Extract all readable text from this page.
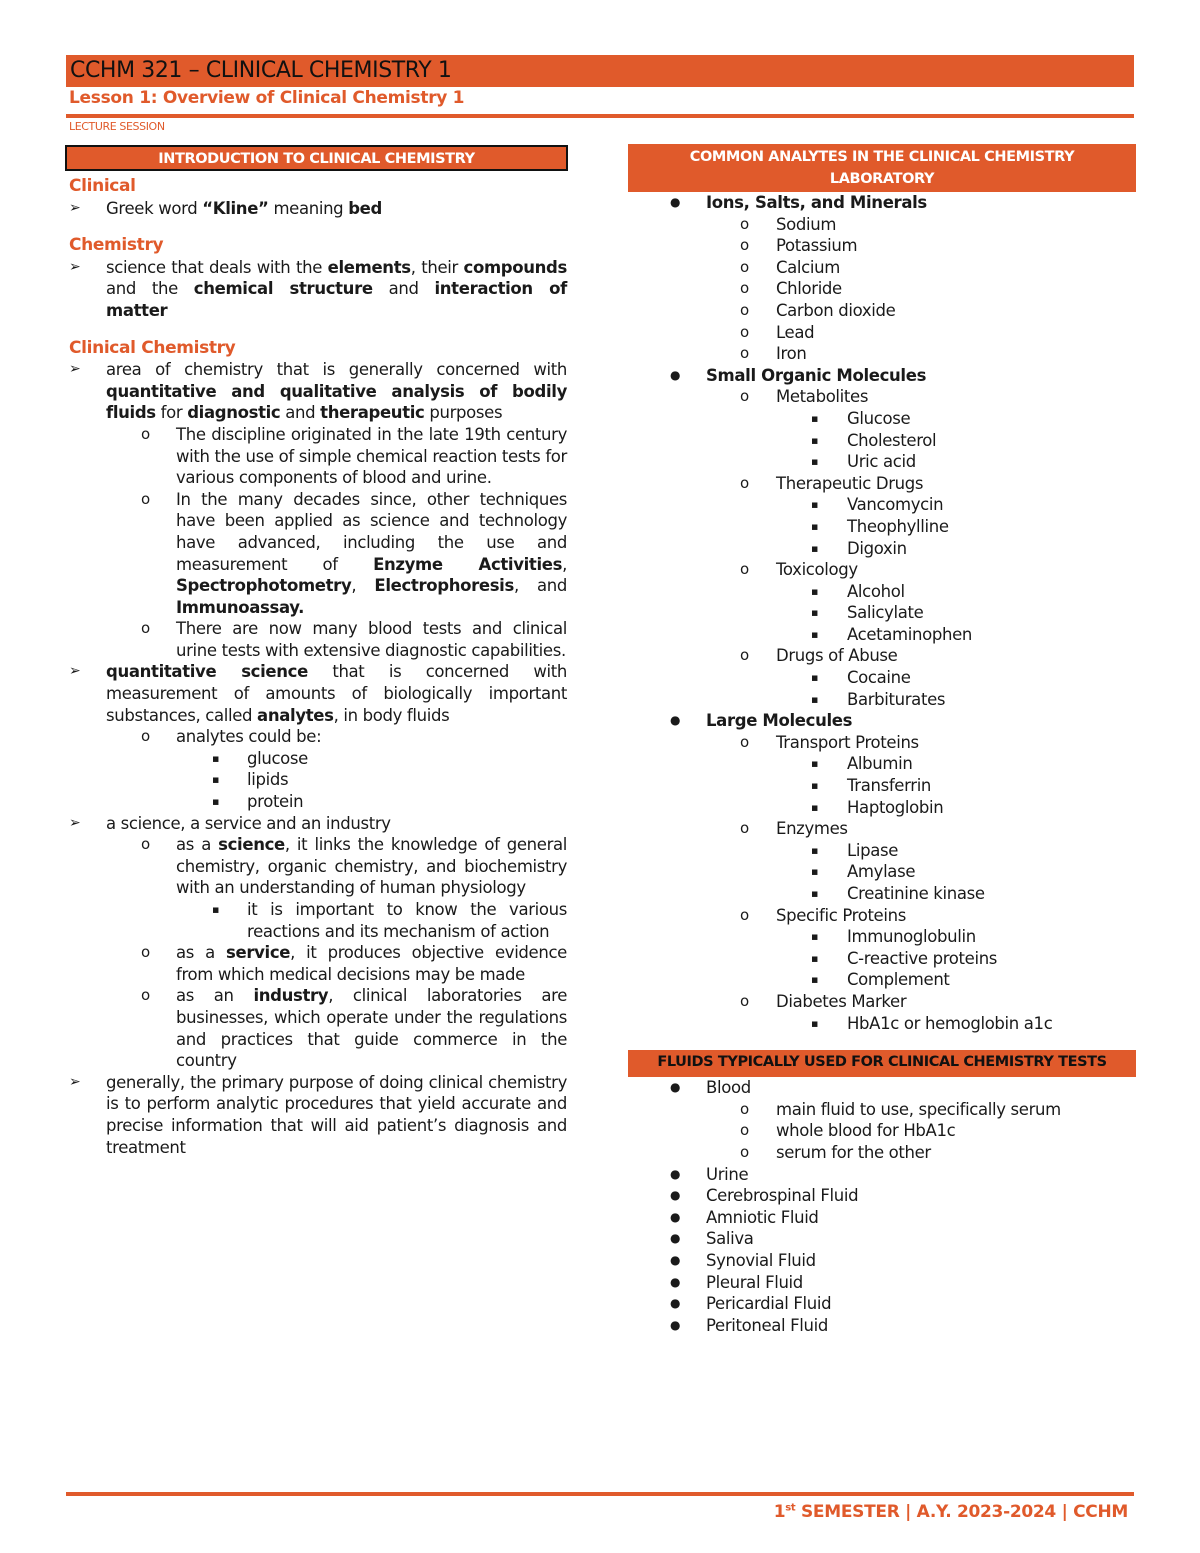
CCHM 321 – CLINICAL CHEMISTRY 1
Lesson 1: Overview of Clinical Chemistry 1
LECTURE SESSION
INTRODUCTION TO CLINICAL CHEMISTRY
Clinical
➢ Greek word “Kline” meaning bed
Chemistry
➢ science that deals with the elements, their compounds and the chemical structure and interaction of matter
Clinical Chemistry
➢ area of chemistry that is generally concerned with quantitative and qualitative analysis of bodily fluids for diagnostic and therapeutic purposes
o The discipline originated in the late 19th century with the use of simple chemical reaction tests for various components of blood and urine.
o In the many decades since, other techniques have been applied as science and technology have advanced, including the use and measurement of Enzyme Activities, Spectrophotometry, Electrophoresis, and Immunoassay.
o There are now many blood tests and clinical urine tests with extensive diagnostic capabilities.
➢ quantitative science that is concerned with measurement of amounts of biologically important substances, called analytes, in body fluids
o analytes could be:
▪ glucose
▪ lipids
▪ protein
➢ a science, a service and an industry
o as a science, it links the knowledge of general chemistry, organic chemistry, and biochemistry with an understanding of human physiology
▪ it is important to know the various reactions and its mechanism of action
o as a service, it produces objective evidence from which medical decisions may be made
o as an industry, clinical laboratories are businesses, which operate under the regulations and practices that guide commerce in the country
➢ generally, the primary purpose of doing clinical chemistry is to perform analytic procedures that yield accurate and precise information that will aid patient’s diagnosis and treatment
COMMON ANALYTES IN THE CLINICAL CHEMISTRY LABORATORY
● Ions, Salts, and Minerals
o Sodium
o Potassium
o Calcium
o Chloride
o Carbon dioxide
o Lead
o Iron
● Small Organic Molecules
o Metabolites
▪ Glucose
▪ Cholesterol
▪ Uric acid
o Therapeutic Drugs
▪ Vancomycin
▪ Theophylline
▪ Digoxin
o Toxicology
▪ Alcohol
▪ Salicylate
▪ Acetaminophen
o Drugs of Abuse
▪ Cocaine
▪ Barbiturates
● Large Molecules
o Transport Proteins
▪ Albumin
▪ Transferrin
▪ Haptoglobin
o Enzymes
▪ Lipase
▪ Amylase
▪ Creatinine kinase
o Specific Proteins
▪ Immunoglobulin
▪ C-reactive proteins
▪ Complement
o Diabetes Marker
▪ HbA1c or hemoglobin a1c
FLUIDS TYPICALLY USED FOR CLINICAL CHEMISTRY TESTS
● Blood
o main fluid to use, specifically serum
o whole blood for HbA1c
o serum for the other
● Urine
● Cerebrospinal Fluid
● Amniotic Fluid
● Saliva
● Synovial Fluid
● Pleural Fluid
● Pericardial Fluid
● Peritoneal Fluid
1st SEMESTER | A.Y. 2023-2024 | CCHM
